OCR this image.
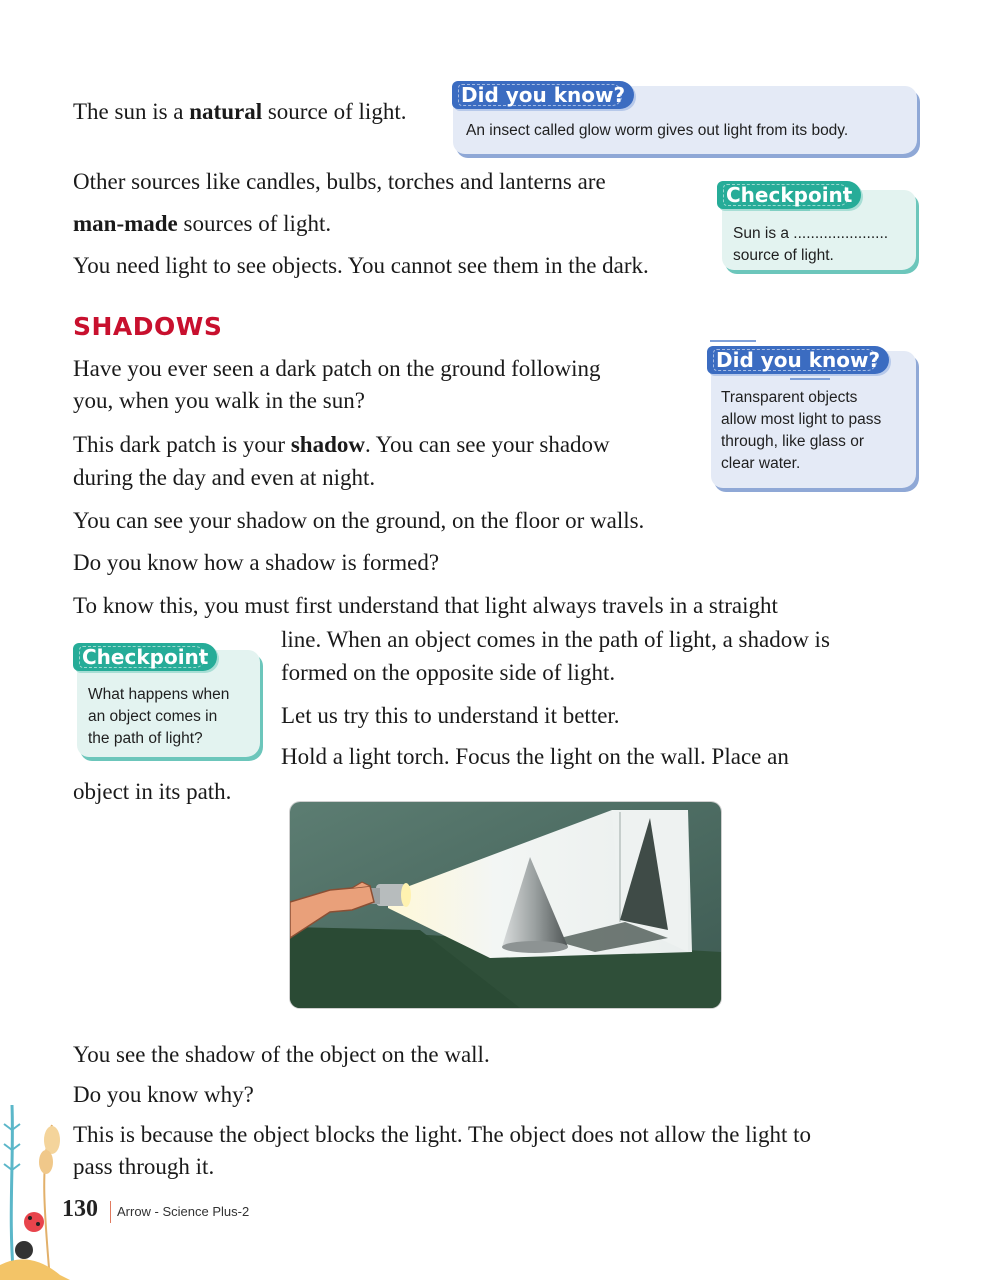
The sun is a natural source of light.

Other sources like candles, bulbs, torches and lanterns are

man-made sources of light.

You need light to see objects. You cannot see them in the dark.

SHADOWS

Have you ever seen a dark patch on the ground following

you, when you walk in the sun?

This dark patch is your shadow. You can see your shadow

during the day and even at night.

You can see your shadow on the ground, on the floor or walls.

Do you know how a shadow is formed?

To know this, you must first understand that light always travels in a straight

line. When an object comes in the path of light, a shadow is

formed on the opposite side of light.

Let us try this to understand it better.

Hold a light torch. Focus the light on the wall. Place an

object in its path.

You see the shadow of the object on the wall.

Do you know why?

This is because the object blocks the light. The object does not allow the light to

pass through it.

An insect called glow worm gives out light from its body.
Did you know?
Sun is a ......................
source of light.
Checkpoint
Transparent objects
allow most light to pass
through, like glass or
clear water.
Did you know?
What happens when
an object comes in
the path of light?
Checkpoint
130 Arrow - Science Plus-2
